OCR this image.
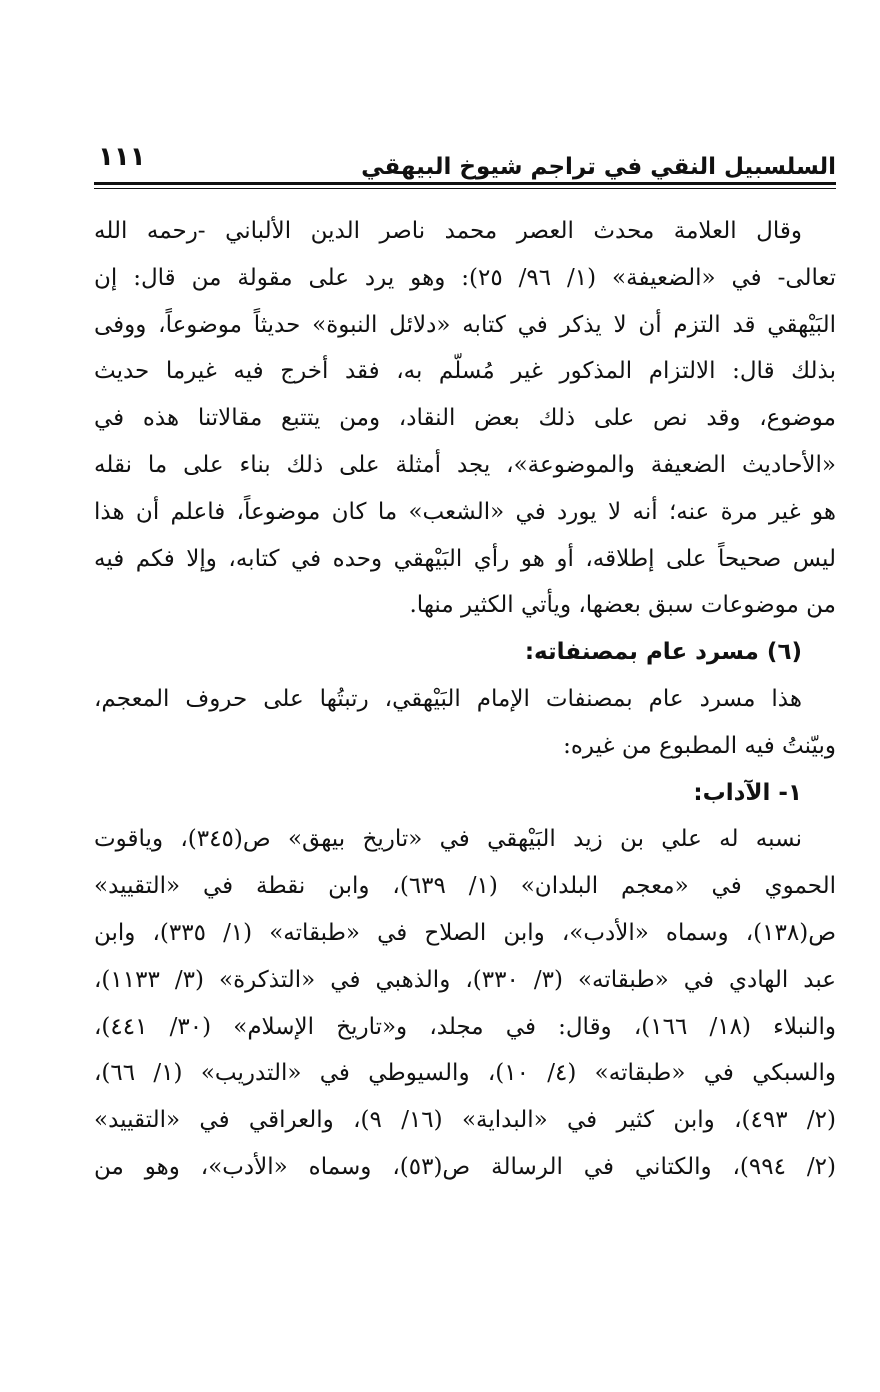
السلسبيل النقي في تراجم شيوخ البيهقي
١١١
وقال العلامة محدث العصر محمد ناصر الدين الألباني -رحمه الله
تعالى- في «الضعيفة» (١/ ٩٦/ ٢٥): وهو يرد على مقولة من قال: إن
البَيْهقي قد التزم أن لا يذكر في كتابه «دلائل النبوة» حديثاً موضوعاً، ووفى
بذلك قال: الالتزام المذكور غير مُسلّم به، فقد أخرج فيه غيرما حديث
موضوع، وقد نص على ذلك بعض النقاد، ومن يتتبع مقالاتنا هذه في
«الأحاديث الضعيفة والموضوعة»، يجد أمثلة على ذلك بناء على ما نقله
هو غير مرة عنه؛ أنه لا يورد في «الشعب» ما كان موضوعاً، فاعلم أن هذا
ليس صحيحاً على إطلاقه، أو هو رأي البَيْهقي وحده في كتابه، وإلا فكم فيه
من موضوعات سبق بعضها، ويأتي الكثير منها.
(٦) مسرد عام بمصنفاته:
هذا مسرد عام بمصنفات الإمام البَيْهقي، رتبتُها على حروف المعجم،
وبيّنتُ فيه المطبوع من غيره:
١- الآداب:
نسبه له علي بن زيد البَيْهقي في «تاريخ بيهق» ص(٣٤٥)، وياقوت
الحموي في «معجم البلدان» (١/ ٦٣٩)، وابن نقطة في «التقييد»
ص(١٣٨)، وسماه «الأدب»، وابن الصلاح في «طبقاته» (١/ ٣٣٥)، وابن
عبد الهادي في «طبقاته» (٣/ ٣٣٠)، والذهبي في «التذكرة» (٣/ ١١٣٣)،
والنبلاء (١٨/ ١٦٦)، وقال: في مجلد، و«تاريخ الإسلام» (٣٠/ ٤٤١)،
والسبكي في «طبقاته» (٤/ ١٠)، والسيوطي في «التدريب» (١/ ٦٦)،
(٢/ ٤٩٣)، وابن كثير في «البداية» (١٦/ ٩)، والعراقي في «التقييد»
(٢/ ٩٩٤)، والكتاني في الرسالة ص(٥٣)، وسماه «الأدب»، وهو من
